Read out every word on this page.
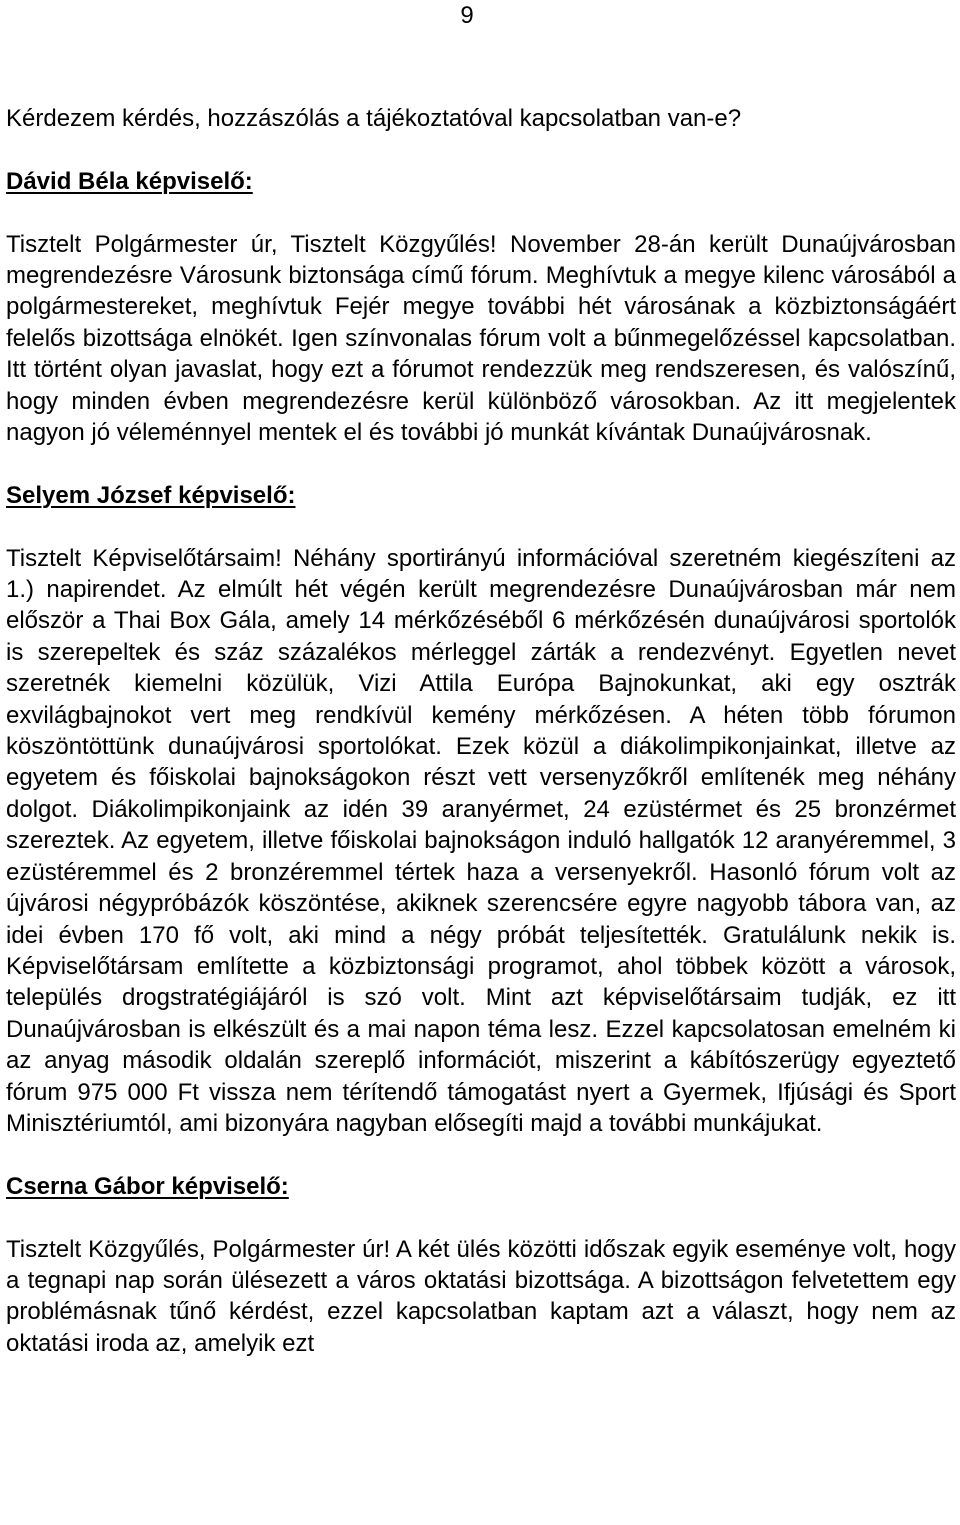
9

Kérdezem kérdés, hozzászólás a tájékoztatóval kapcsolatban van-e?

Dávid Béla képviselő:

Tisztelt Polgármester úr, Tisztelt Közgyűlés! November 28-án került Dunaújvárosban megrendezésre Városunk biztonsága című fórum. Meghívtuk a megye kilenc városából a polgármestereket, meghívtuk Fejér megye további hét városának a közbiztonságáért felelős bizottsága elnökét. Igen színvonalas fórum volt a bűnmegelőzéssel kapcsolatban. Itt történt olyan javaslat, hogy ezt a fórumot rendezzük meg rendszeresen, és valószínű, hogy minden évben megrendezésre kerül különböző városokban. Az itt megjelentek nagyon jó véleménnyel mentek el és további jó munkát kívántak Dunaújvárosnak.

Selyem József képviselő:

Tisztelt Képviselőtársaim! Néhány sportirányú információval szeretném kiegészíteni az 1.) napirendet. Az elmúlt hét végén került megrendezésre Dunaújvárosban már nem először a Thai Box Gála, amely 14 mérkőzéséből 6 mérkőzésén dunaújvárosi sportolók is szerepeltek és száz százalékos mérleggel zárták a rendezvényt. Egyetlen nevet szeretnék kiemelni közülük, Vizi Attila Európa Bajnokunkat, aki egy osztrák exvilágbajnokot vert meg rendkívül kemény mérkőzésen. A héten több fórumon köszöntöttünk dunaújvárosi sportolókat. Ezek közül a diákolimpikonjainkat, illetve az egyetem és főiskolai bajnokságokon részt vett versenyzőkről említenék meg néhány dolgot. Diákolimpikonjaink az idén 39 aranyérmet, 24 ezüstérmet és 25 bronzérmet szereztek. Az egyetem, illetve főiskolai bajnokságon induló hallgatók 12 aranyéremmel, 3 ezüstéremmel és 2 bronzéremmel tértek haza a versenyekről. Hasonló fórum volt az újvárosi négypróbázók köszöntése, akiknek szerencsére egyre nagyobb tábora van, az idei évben 170 fő volt, aki mind a négy próbát teljesítették. Gratulálunk nekik is. Képviselőtársam említette a közbiztonsági programot, ahol többek között a városok, település drogstratégiájáról is szó volt. Mint azt képviselőtársaim tudják, ez itt Dunaújvárosban is elkészült és a mai napon téma lesz. Ezzel kapcsolatosan emelném ki az anyag második oldalán szereplő információt, miszerint a kábítószerügy egyeztető fórum 975 000 Ft vissza nem térítendő támogatást nyert a Gyermek, Ifjúsági és Sport Minisztériumtól, ami bizonyára nagyban elősegíti majd a további munkájukat.

Cserna Gábor képviselő:

Tisztelt Közgyűlés, Polgármester úr! A két ülés közötti időszak egyik eseménye volt, hogy a tegnapi nap során ülésezett a város oktatási bizottsága. A bizottságon felvetettem egy problémásnak tűnő kérdést, ezzel kapcsolatban kaptam azt a választ, hogy nem az oktatási iroda az, amelyik ezt
